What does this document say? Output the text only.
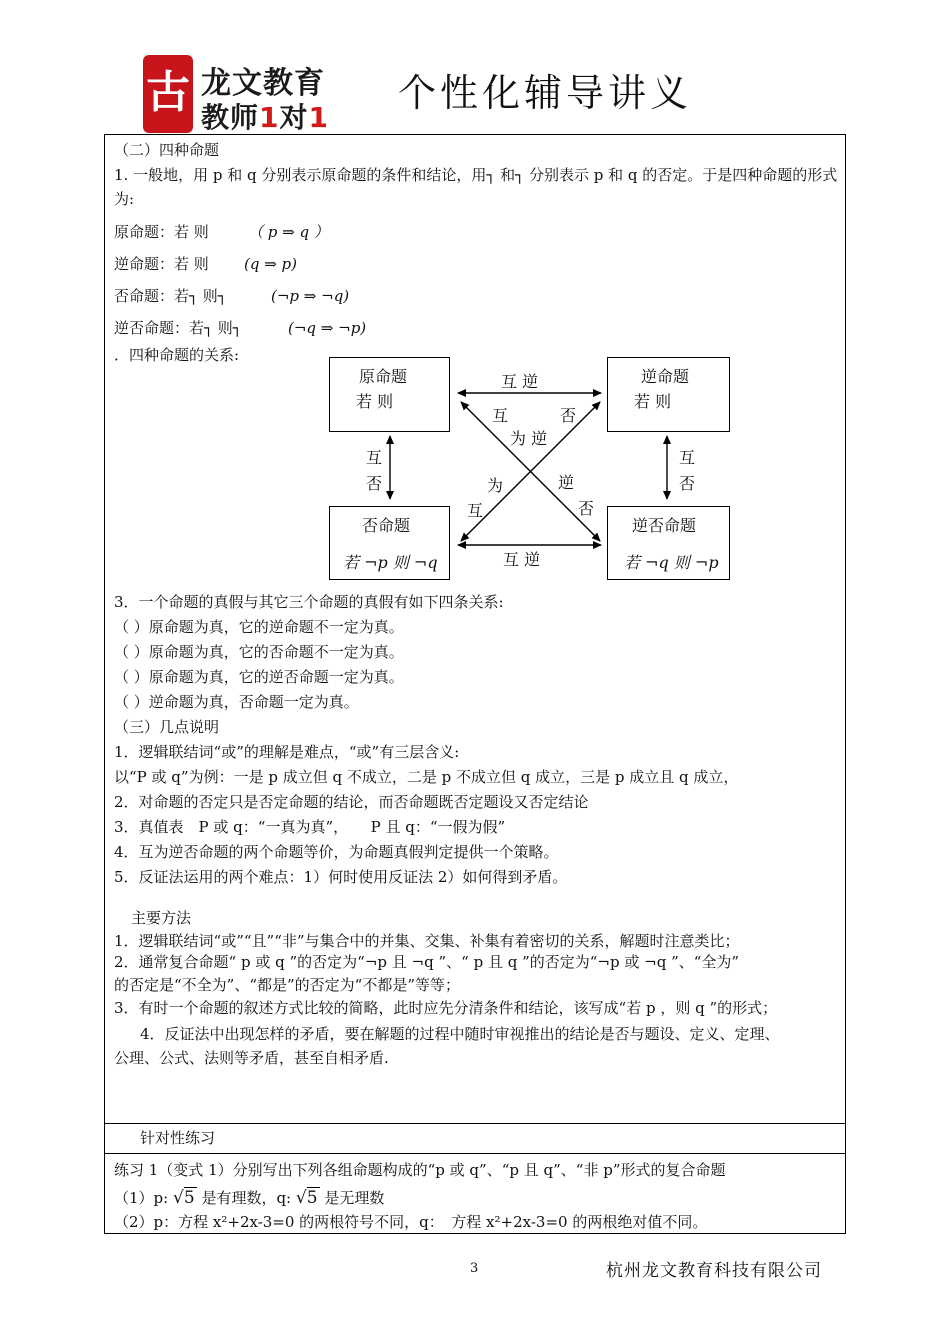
古 龙文教育
教师1对1
个性化辅导讲义
（二）四种命题
1. 一般地，用 p 和 q 分别表示原命题的条件和结论，用┐ 和┐ 分别表示 p 和 q 的否定。于是四种命题的形式
为:
原命题：若 则	（ p ⇒ q ）
逆命题：若 则 (q ⇒ p)
否命题：若┐ 则┐	(¬p ⇒ ¬q)
逆否命题：若┐ 则┐	(¬q ⇒ ¬p)
．四种命题的关系:
原命题
若 则
逆命题
若 则
否命题
若 ¬p 则 ¬q
逆否命题
若 ¬q 则 ¬p
互 逆
互 逆
互
否
互
否
互	否
为 逆
为	逆
互	否
3．一个命题的真假与其它三个命题的真假有如下四条关系:
（ ）原命题为真，它的逆命题不一定为真。
（ ）原命题为真，它的否命题不一定为真。
（ ）原命题为真，它的逆否命题一定为真。
（ ）逆命题为真，否命题一定为真。
（三）几点说明
1．逻辑联结词“或”的理解是难点，“或”有三层含义:
以“P 或 q”为例：一是 p 成立但 q 不成立，二是 p 不成立但 q 成立，三是 p 成立且 q 成立，
2．对命题的否定只是否定命题的结论，而否命题既否定题设又否定结论
3．真值表　P 或 q：“一真为真”，　　P 且 q：“一假为假”
4．互为逆否命题的两个命题等价，为命题真假判定提供一个策略。
5．反证法运用的两个难点：1）何时使用反证法 2）如何得到矛盾。
主要方法
1．逻辑联结词“或”“且”“非”与集合中的并集、交集、补集有着密切的关系，解题时注意类比；
2．通常复合命题“ p 或 q ”的否定为“¬p 且 ¬q ”、“ p 且 q ”的否定为“¬p 或 ¬q ”、“全为”
的否定是“不全为”、“都是”的否定为“不都是”等等；
3．有时一个命题的叙述方式比较的简略，此时应先分清条件和结论，该写成“若 p ，则 q ”的形式；
4．反证法中出现怎样的矛盾，要在解题的过程中随时审视推出的结论是否与题设、定义、定理、
公理、公式、法则等矛盾，甚至自相矛盾.
针对性练习
练习 1（变式 1）分别写出下列各组命题构成的“p 或 q”、“p 且 q”、“非 p”形式的复合命题
（1）p: √5 是有理数，q: √5 是无理数
（2）p：方程 x²+2x-3=0 的两根符号不同，q：　方程 x²+2x-3=0 的两根绝对值不同。
3	杭州龙文教育科技有限公司
